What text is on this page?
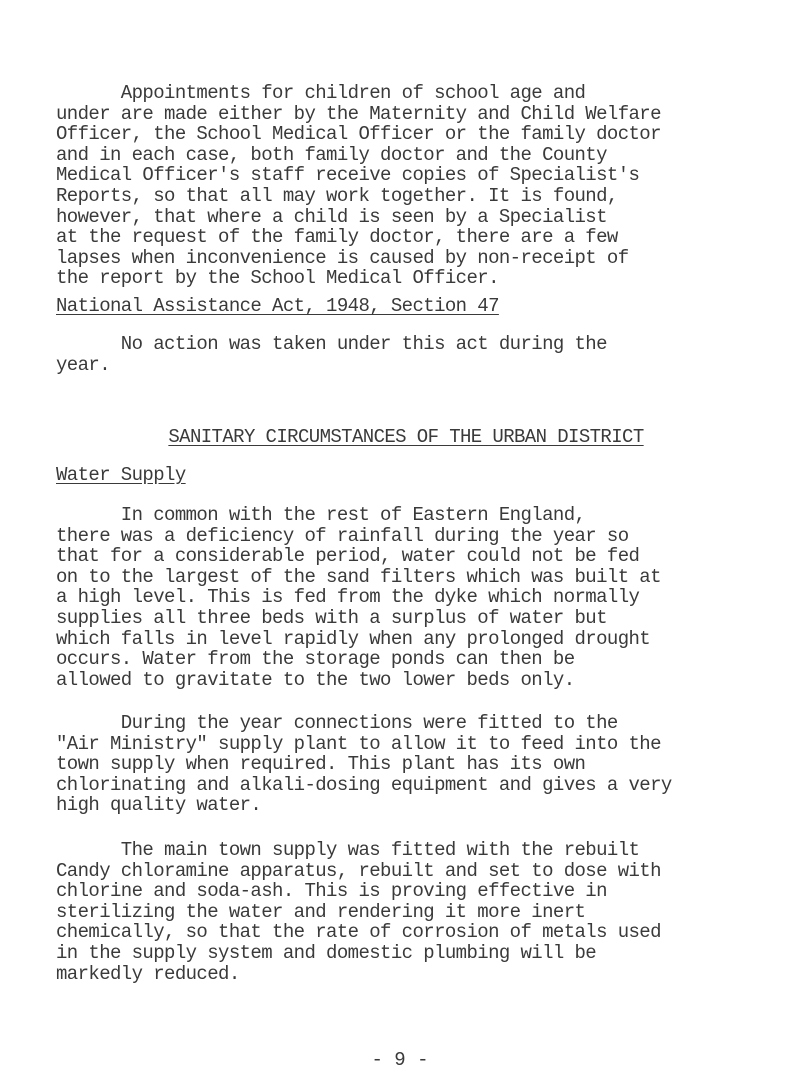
Appointments for children of school age and
under are made either by the Maternity and Child Welfare
Officer, the School Medical Officer or the family doctor
and in each case, both family doctor and the County
Medical Officer's staff receive copies of Specialist's
Reports, so that all may work together. It is found,
however, that where a child is seen by a Specialist
at the request of the family doctor, there are a few
lapses when inconvenience is caused by non-receipt of
the report by the School Medical Officer.
National Assistance Act, 1948, Section 47
No action was taken under this act during the
year.
SANITARY CIRCUMSTANCES OF THE URBAN DISTRICT
Water Supply
In common with the rest of Eastern England,
there was a deficiency of rainfall during the year so
that for a considerable period, water could not be fed
on to the largest of the sand filters which was built at
a high level. This is fed from the dyke which normally
supplies all three beds with a surplus of water but
which falls in level rapidly when any prolonged drought
occurs. Water from the storage ponds can then be
allowed to gravitate to the two lower beds only.
During the year connections were fitted to the
"Air Ministry" supply plant to allow it to feed into the
town supply when required. This plant has its own
chlorinating and alkali-dosing equipment and gives a very
high quality water.
The main town supply was fitted with the rebuilt
Candy chloramine apparatus, rebuilt and set to dose with
chlorine and soda-ash. This is proving effective in
sterilizing the water and rendering it more inert
chemically, so that the rate of corrosion of metals used
in the supply system and domestic plumbing will be
markedly reduced.
- 9 -
